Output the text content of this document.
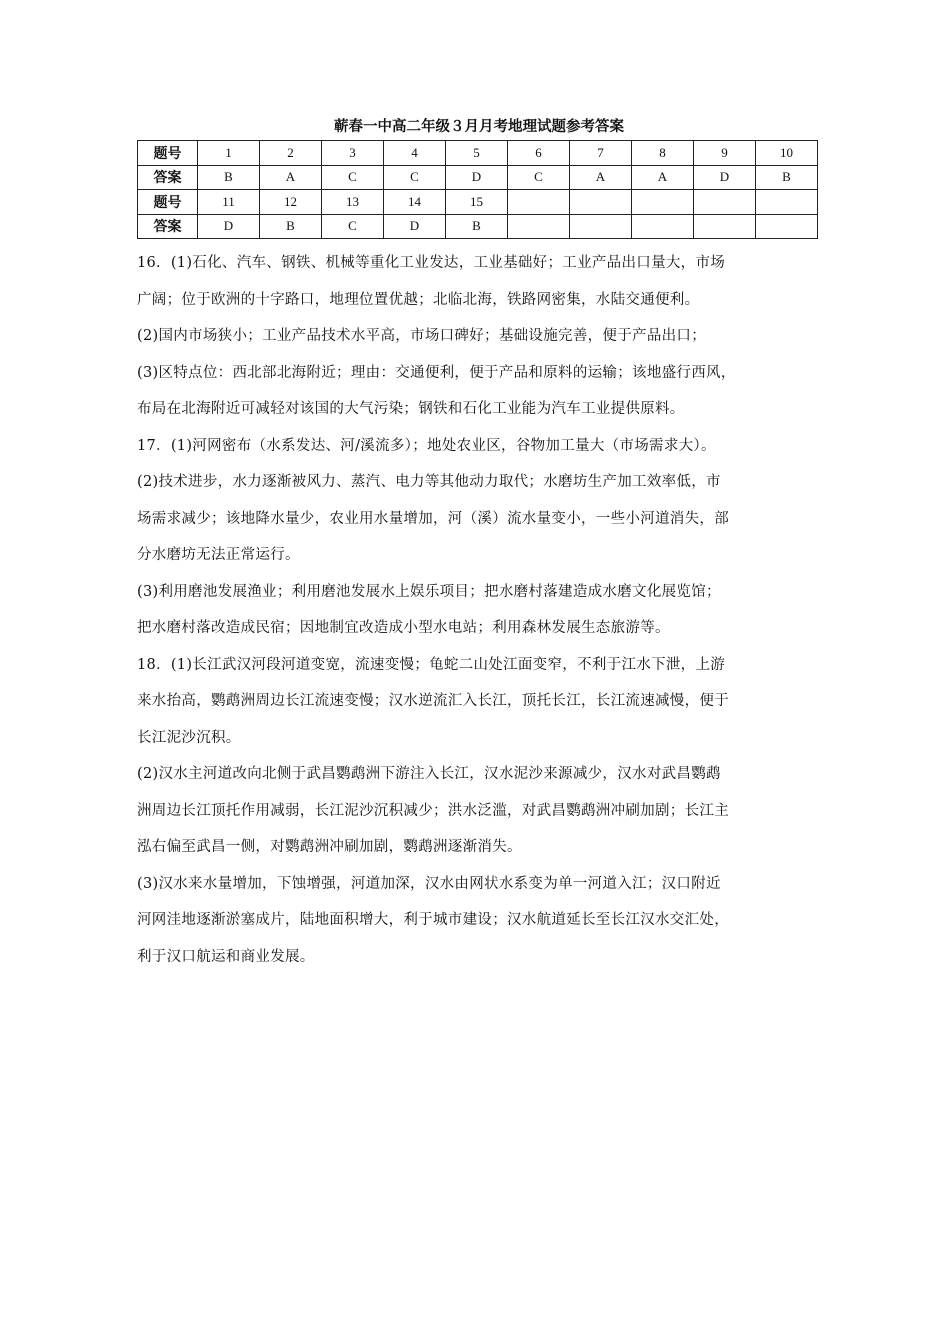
蕲春一中高二年级３月月考地理试题参考答案
题号	1	2	3	4	5	6	7	8	9	10
答案	B	A	C	C	D	C	A	A	D	B
题号	11	12	13	14	15					
答案	D	B	C	D	B					
16．(1)石化、汽车、钢铁、机械等重化工业发达，工业基础好；工业产品出口量大，市场
广阔；位于欧洲的十字路口，地理位置优越；北临北海，铁路网密集，水陆交通便利。
(2)国内市场狭小；工业产品技术水平高，市场口碑好；基础设施完善，便于产品出口；
(3)区特点位：西北部北海附近；理由：交通便利，便于产品和原料的运输；该地盛行西风，
布局在北海附近可减轻对该国的大气污染；钢铁和石化工业能为汽车工业提供原料。
17．(1)河网密布（水系发达、河/溪流多）；地处农业区，谷物加工量大（市场需求大）。
(2)技术进步，水力逐渐被风力、蒸汽、电力等其他动力取代；水磨坊生产加工效率低，市
场需求减少；该地降水量少，农业用水量增加，河（溪）流水量变小，一些小河道消失，部
分水磨坊无法正常运行。
(3)利用磨池发展渔业；利用磨池发展水上娱乐项目；把水磨村落建造成水磨文化展览馆；
把水磨村落改造成民宿；因地制宜改造成小型水电站；利用森林发展生态旅游等。
18．(1)长江武汉河段河道变宽，流速变慢；龟蛇二山处江面变窄，不利于江水下泄，上游
来水抬高，鹦鹉洲周边长江流速变慢；汉水逆流汇入长江，顶托长江，长江流速减慢，便于
长江泥沙沉积。
(2)汉水主河道改向北侧于武昌鹦鹉洲下游注入长江，汉水泥沙来源减少，汉水对武昌鹦鹉
洲周边长江顶托作用减弱，长江泥沙沉积减少；洪水泛滥，对武昌鹦鹉洲冲刷加剧；长江主
泓右偏至武昌一侧，对鹦鹉洲冲刷加剧，鹦鹉洲逐渐消失。
(3)汉水来水量增加，下蚀增强，河道加深，汉水由网状水系变为单一河道入江；汉口附近
河网洼地逐渐淤塞成片，陆地面积增大，利于城市建设；汉水航道延长至长江汉水交汇处，
利于汉口航运和商业发展。
